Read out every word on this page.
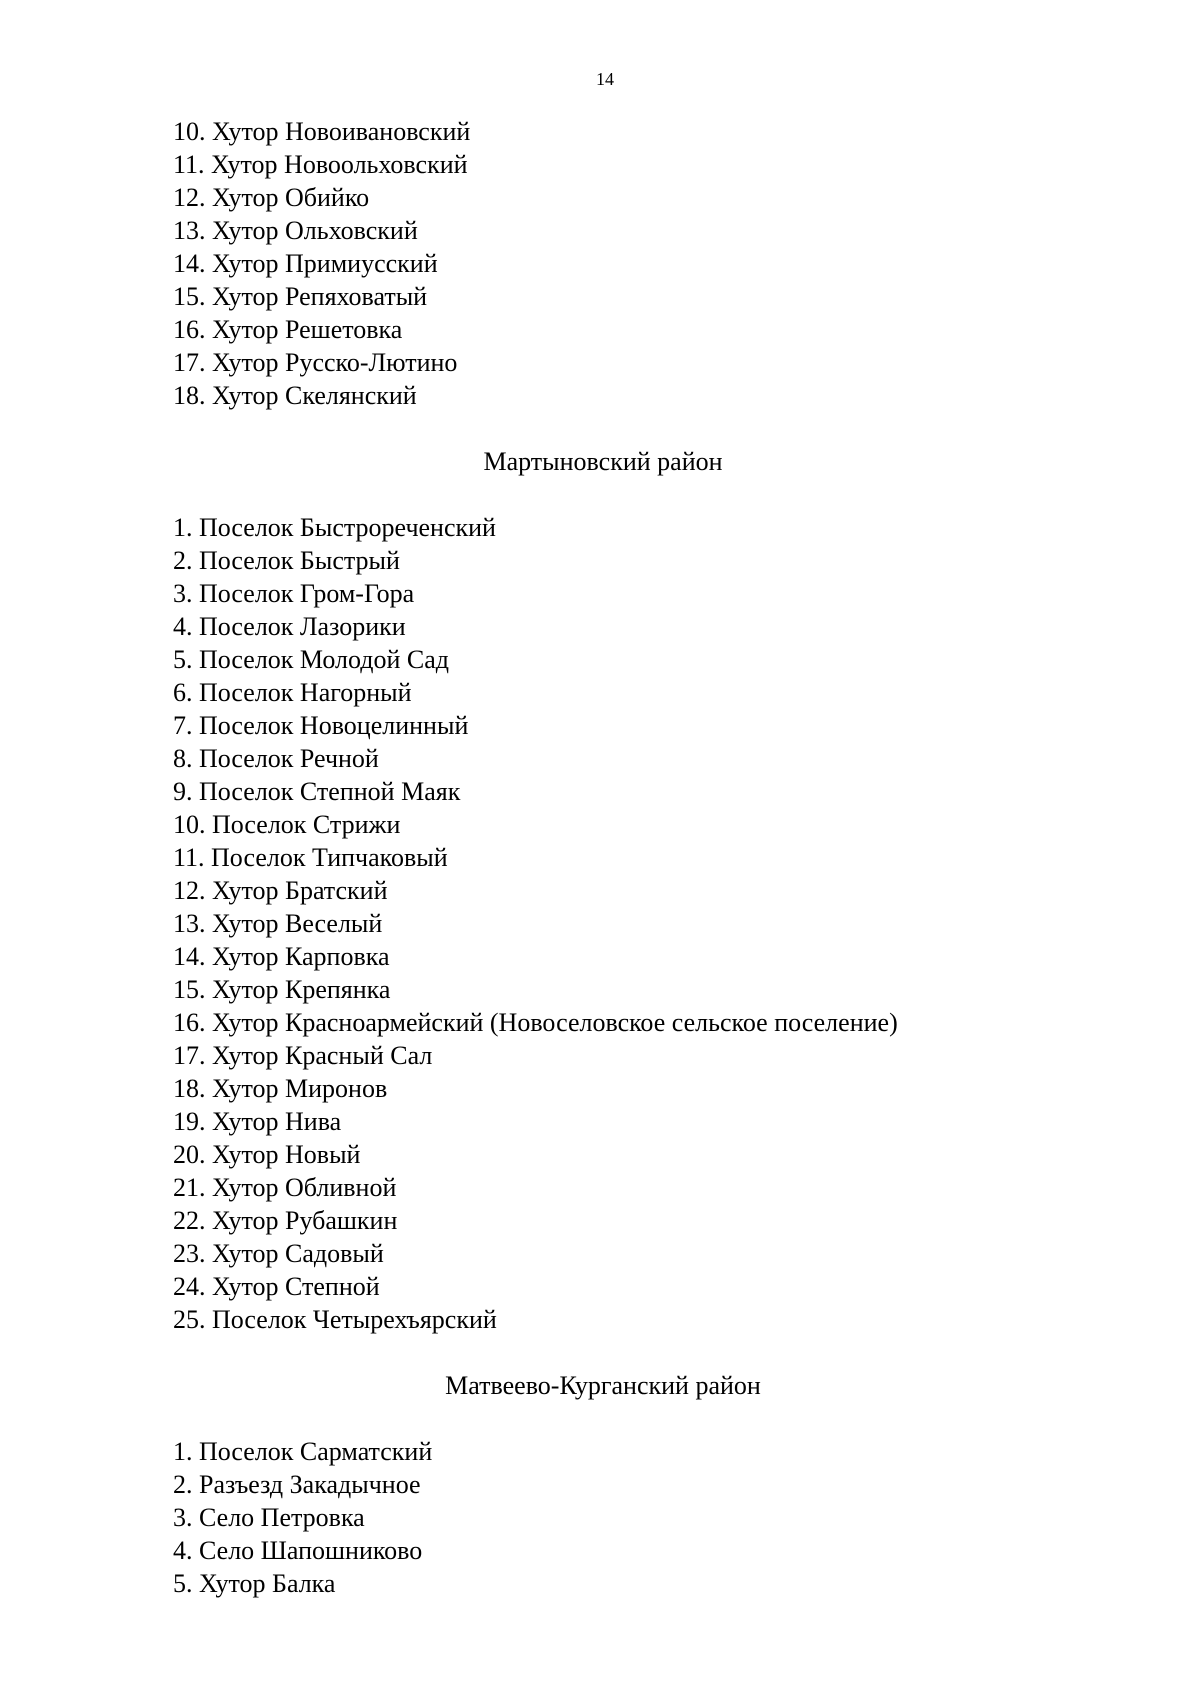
14
10. Хутор Новоивановский
11. Хутор Новоольховский
12. Хутор Обийко
13. Хутор Ольховский
14. Хутор Примиусский
15. Хутор Репяховатый
16. Хутор Решетовка
17. Хутор Русско-Лютино
18. Хутор Скелянский
Мартыновский район
1. Поселок Быстрореченский
2. Поселок Быстрый
3. Поселок Гром-Гора
4. Поселок Лазорики
5. Поселок Молодой Сад
6. Поселок Нагорный
7. Поселок Новоцелинный
8. Поселок Речной
9. Поселок Степной Маяк
10. Поселок Стрижи
11. Поселок Типчаковый
12. Хутор Братский
13. Хутор Веселый
14. Хутор Карповка
15. Хутор Крепянка
16. Хутор Красноармейский (Новоселовское сельское поселение)
17. Хутор Красный Сал
18. Хутор Миронов
19. Хутор Нива
20. Хутор Новый
21. Хутор Обливной
22. Хутор Рубашкин
23. Хутор Садовый
24. Хутор Степной
25. Поселок Четырехъярский
Матвеево-Курганский район
1. Поселок Сарматский
2. Разъезд Закадычное
3. Село Петровка
4. Село Шапошниково
5. Хутор Балка
